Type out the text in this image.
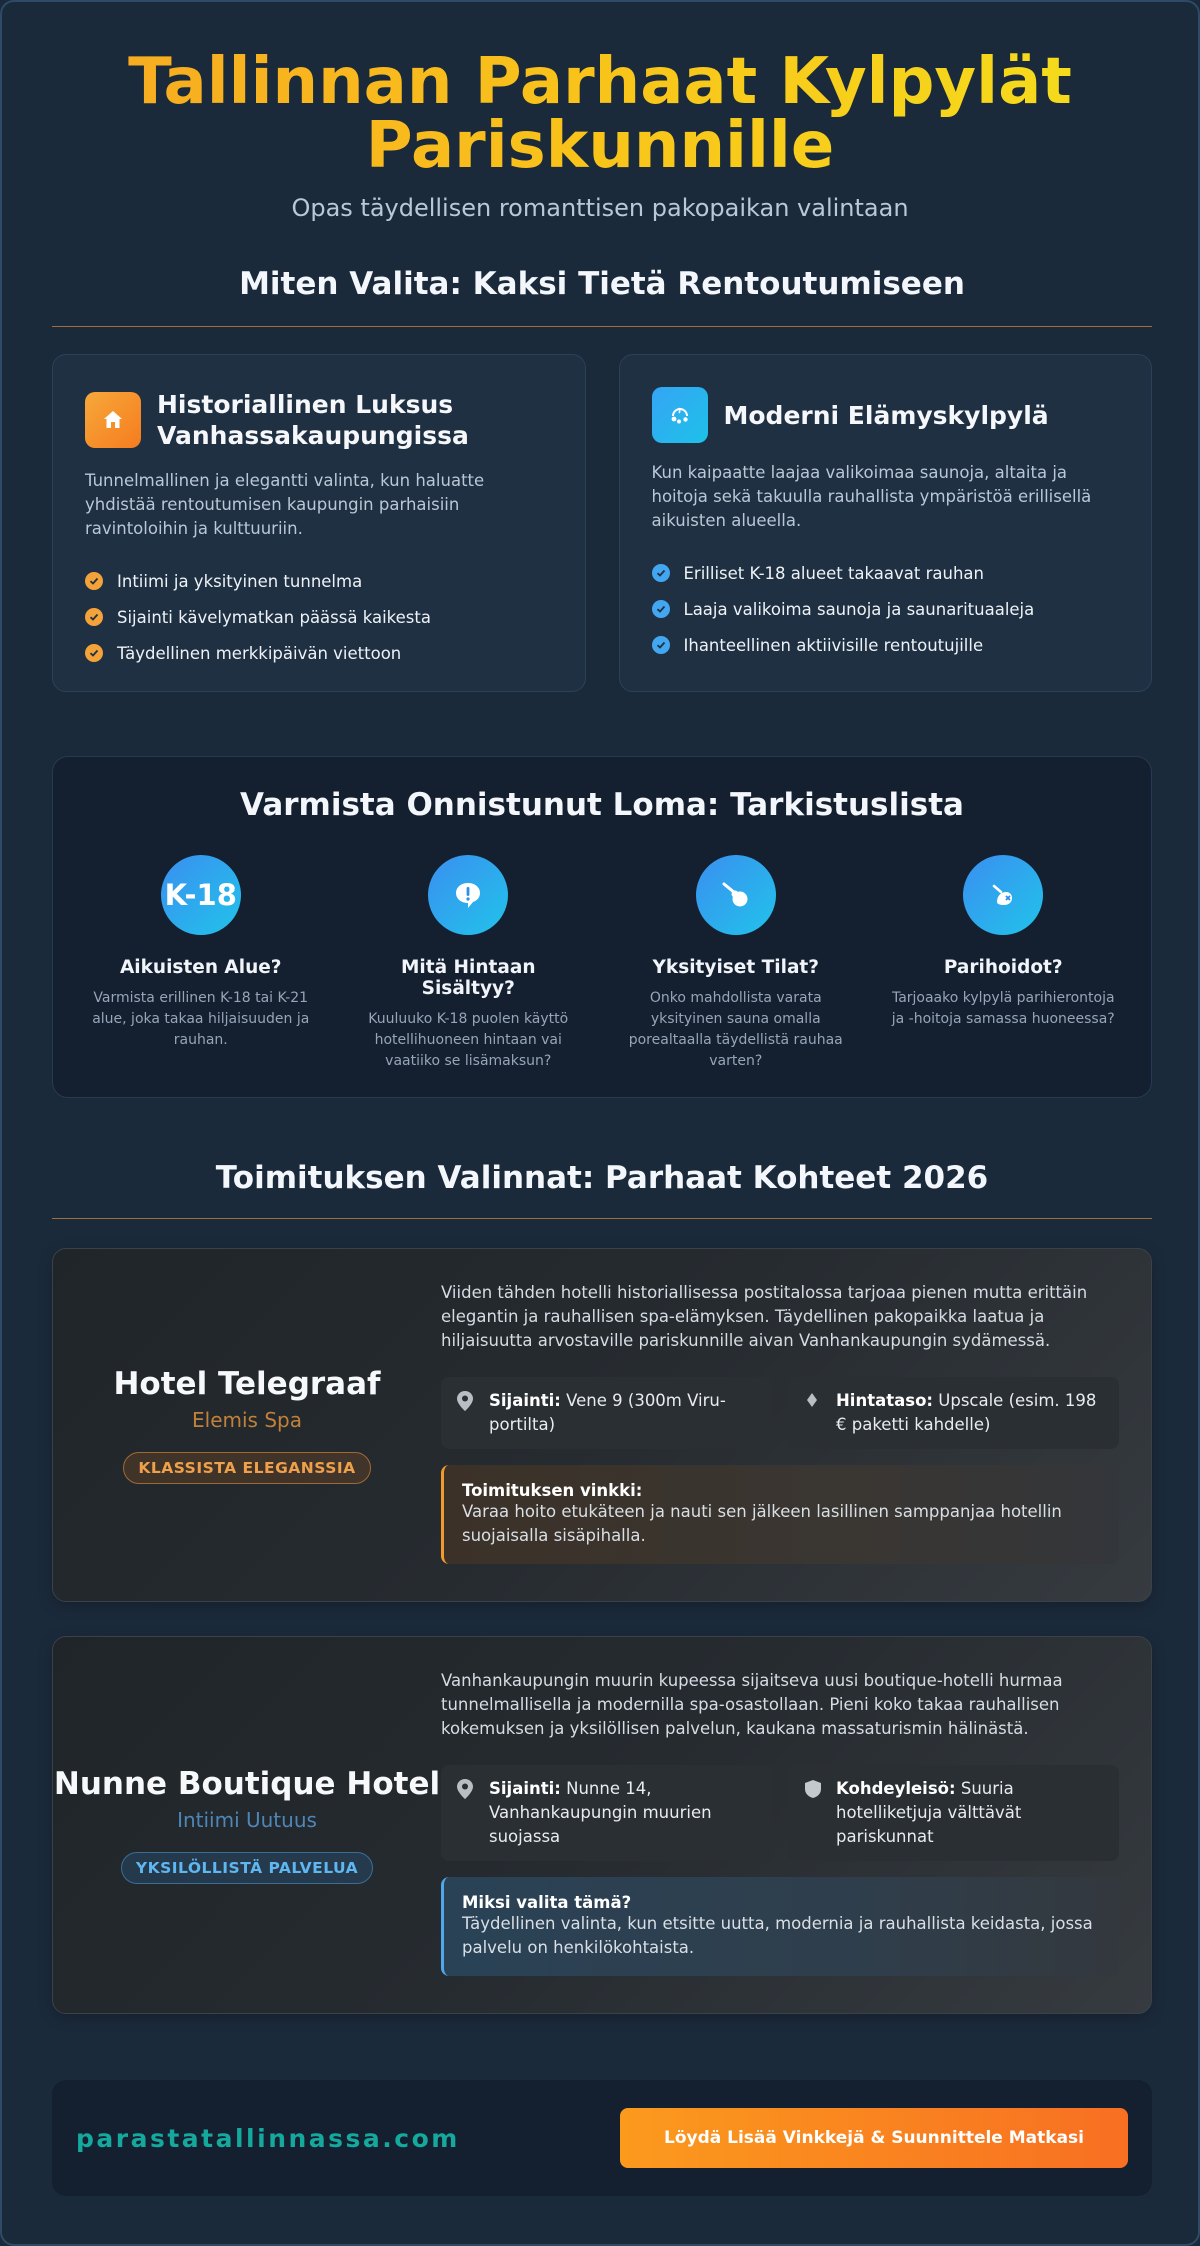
Tallinnan Parhaat Kylpylät
Pariskunnille
Opas täydellisen romanttisen pakopaikan valintaan
Miten Valita: Kaksi Tietä Rentoutumiseen
Historiallinen Luksus Vanhassakaupungissa
Tunnelmallinen ja elegantti valinta, kun haluatte yhdistää rentoutumisen kaupungin parhaisiin ravintoloihin ja kulttuuriin.
Intiimi ja yksityinen tunnelma
Sijainti kävelymatkan päässä kaikesta
Täydellinen merkkipäivän viettoon
Moderni Elämyskylpylä
Kun kaipaatte laajaa valikoimaa saunoja, altaita ja hoitoja sekä takuulla rauhallista ympäristöä erillisellä aikuisten alueella.
Erilliset K-18 alueet takaavat rauhan
Laaja valikoima saunoja ja saunarituaaleja
Ihanteellinen aktiivisille rentoutujille
Varmista Onnistunut Loma: Tarkistuslista
K-18
Aikuisten Alue?
Varmista erillinen K-18 tai K-21 alue, joka takaa hiljaisuuden ja rauhan.
Mitä Hintaan Sisältyy?
Kuuluuko K-18 puolen käyttö hotellihuoneen hintaan vai vaatiiko se lisämaksun?
Yksityiset Tilat?
Onko mahdollista varata yksityinen sauna omalla porealtaalla täydellistä rauhaa varten?
Parihoidot?
Tarjoaako kylpylä parihierontoja ja -hoitoja samassa huoneessa?
Toimituksen Valinnat: Parhaat Kohteet 2026
Hotel Telegraaf
Elemis Spa
KLASSISTA ELEGANSSIA
Viiden tähden hotelli historiallisessa postitalossa tarjoaa pienen mutta erittäin elegantin ja rauhallisen spa-elämyksen. Täydellinen pakopaikka laatua ja hiljaisuutta arvostaville pariskunnille aivan Vanhankaupungin sydämessä.
Sijainti: Vene 9 (300m Viru-portilta)
Hintataso: Upscale (esim. 198 € paketti kahdelle)
Toimituksen vinkki:
Varaa hoito etukäteen ja nauti sen jälkeen lasillinen samppanjaa hotellin suojaisalla sisäpihalla.
Nunne Boutique Hotel
Intiimi Uutuus
YKSILÖLLISTÄ PALVELUA
Vanhankaupungin muurin kupeessa sijaitseva uusi boutique-hotelli hurmaa tunnelmallisella ja modernilla spa-osastollaan. Pieni koko takaa rauhallisen kokemuksen ja yksilöllisen palvelun, kaukana massaturismin hälinästä.
Sijainti: Nunne 14, Vanhankaupungin muurien suojassa
Kohdeyleisö: Suuria hotelliketjuja välttävät pariskunnat
Miksi valita tämä?
Täydellinen valinta, kun etsitte uutta, modernia ja rauhallista keidasta, jossa palvelu on henkilökohtaista.
parastatallinnassa.com	Löydä Lisää Vinkkejä & Suunnittele Matkasi
